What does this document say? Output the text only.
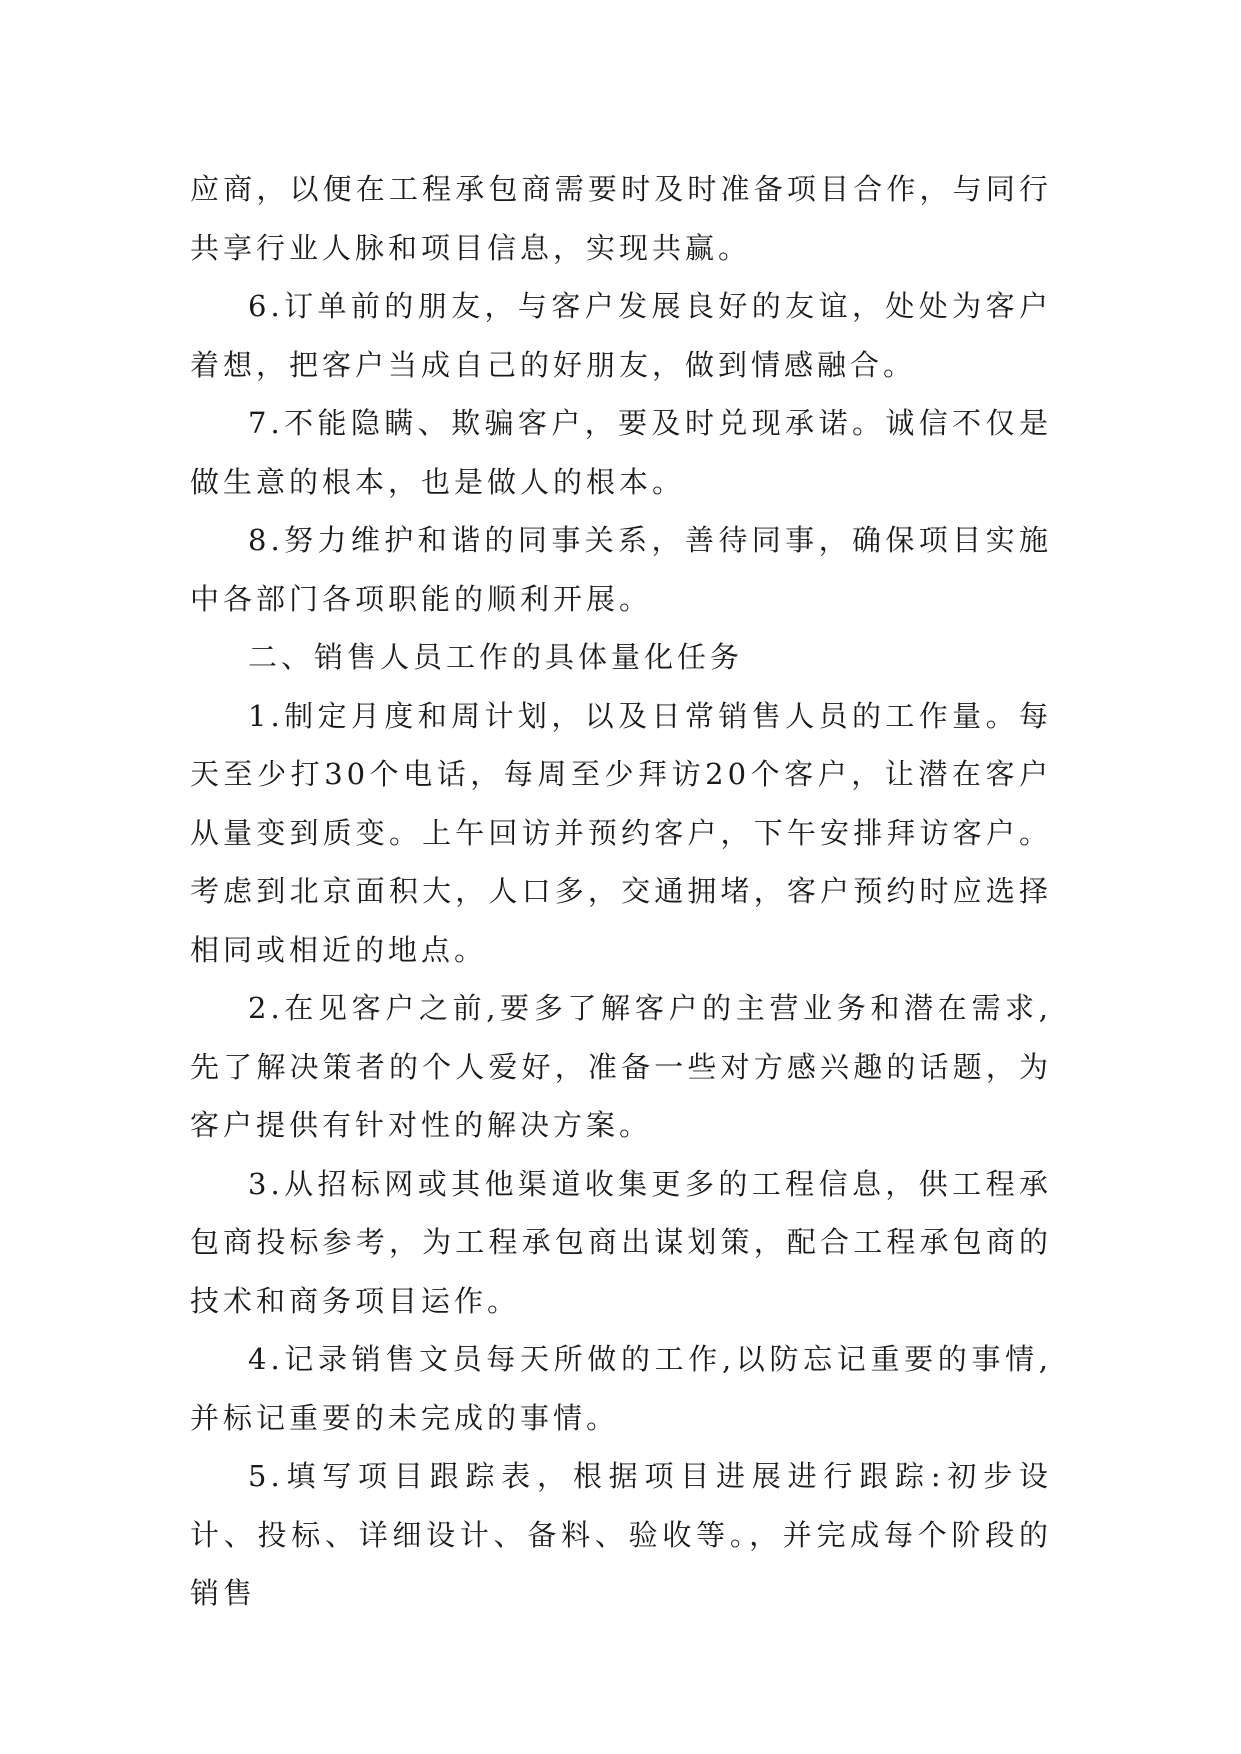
应商，以便在工程承包商需要时及时准备项目合作，与同行共享行业人脉和项目信息，实现共赢。

6.订单前的朋友，与客户发展良好的友谊，处处为客户着想，把客户当成自己的好朋友，做到情感融合。

7.不能隐瞒、欺骗客户，要及时兑现承诺。诚信不仅是做生意的根本，也是做人的根本。

8.努力维护和谐的同事关系，善待同事，确保项目实施中各部门各项职能的顺利开展。

二、销售人员工作的具体量化任务

1.制定月度和周计划，以及日常销售人员的工作量。每天至少打30个电话，每周至少拜访20个客户，让潜在客户从量变到质变。上午回访并预约客户，下午安排拜访客户。考虑到北京面积大，人口多，交通拥堵，客户预约时应选择相同或相近的地点。

2.在见客户之前,要多了解客户的主营业务和潜在需求,先了解决策者的个人爱好，准备一些对方感兴趣的话题，为客户提供有针对性的解决方案。

3.从招标网或其他渠道收集更多的工程信息，供工程承包商投标参考，为工程承包商出谋划策，配合工程承包商的技术和商务项目运作。

4.记录销售文员每天所做的工作,以防忘记重要的事情,并标记重要的未完成的事情。

5.填写项目跟踪表，根据项目进展进行跟踪:初步设计、投标、详细设计、备料、验收等。，并完成每个阶段的销售
